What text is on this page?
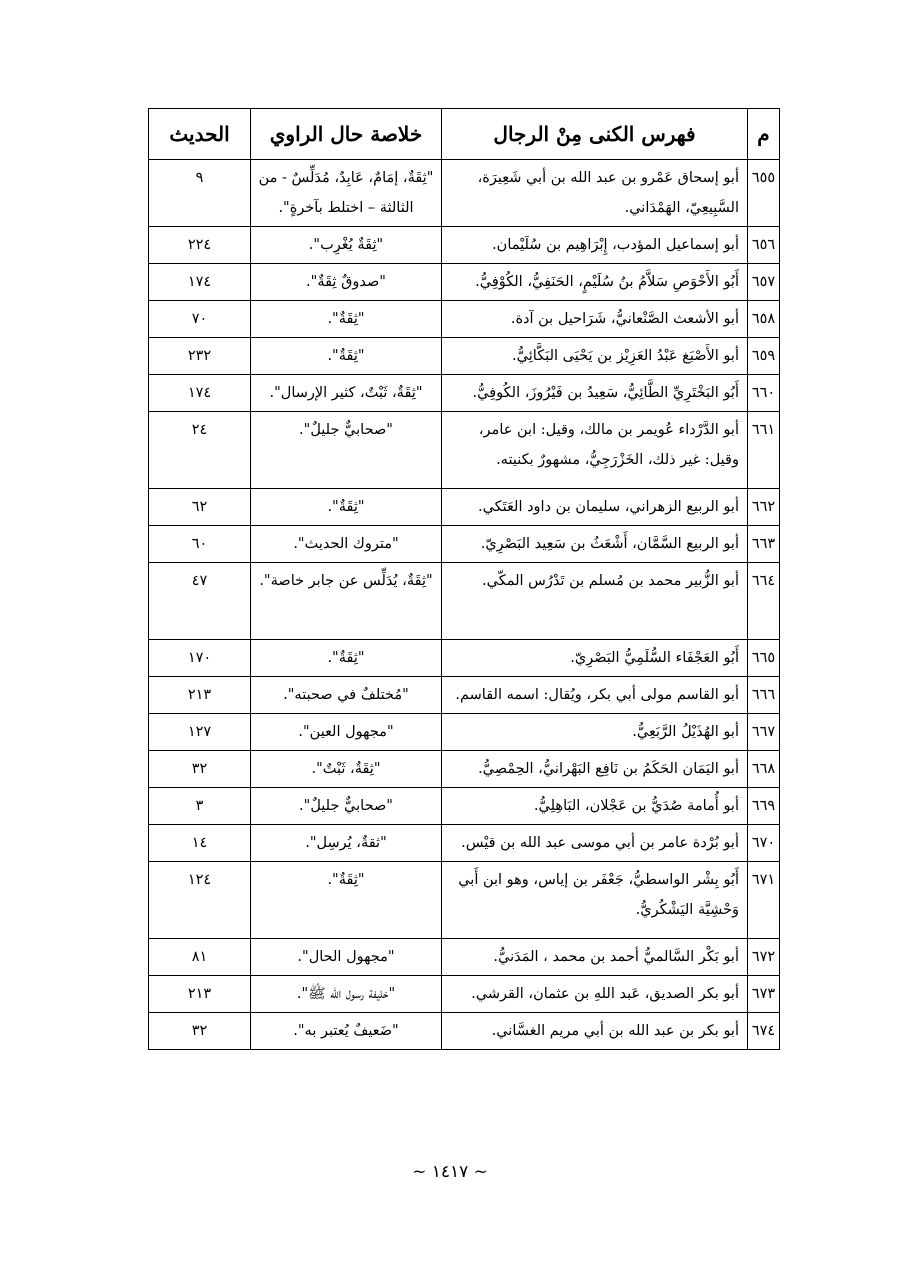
م	فهرس الكنى مِنْ الرجال	خلاصة حال الراوي	الحديث
٦٥٥	أبو إسحاق عَمْرو بن عبد الله بن أبي شَعِيرَة، السَّبِيعِيّ، الهَمْدَاني.	"ثِقَةٌ، إمَامٌ، عَابِدٌ، مُدَلِّسٌ - من الثالثة – اختلط بآخرةٍ".	٩
٦٥٦	أبو إسماعيل المؤدب، إِبْرَاهِيم بن سُلَيْمان.	"ثِقَةٌ يُغْرِب".	٢٢٤
٦٥٧	أَبُو الأَحْوَصِ سَلاَّمُ بنُ سُلَيْمٍ، الحَنَفِيُّ، الكُوْفِيُّ.	"صدوقٌ ثِقَةٌ".	١٧٤
٦٥٨	أبو الأشعث الصَّنْعانيُّ، شَرَاحيل بن آدة.	"ثِقَةٌ".	٧٠
٦٥٩	أبو الأَصْبَغ عَبْدُ العَزِيْز بن يَحْيَى البَكَّائِيُّ.	"ثِقَةٌ".	٢٣٢
٦٦٠	أَبُو البَخْتَرِيِّ الطَّائِيُّ، سَعِيدُ بن فَيْرُوزَ، الكُوفِيُّ.	"ثِقَةٌ، ثَبْتٌ، كثير الإرسال".	١٧٤
٦٦١	أبو الدَّرْداء عُويمر بن مالك، وقيل: ابن عامر، وقيل: غير ذلك، الخَزْرَجِيُّ، مشهورٌ بكنيته.	"صحابيٌّ جليلٌ".	٢٤
٦٦٢	أبو الربيع الزهراني، سليمان بن داود العَتَكي.	"ثِقَةٌ".	٦٢
٦٦٣	أبو الربيع السَّمَّان، أَشْعَثُ بن سَعِيد البَصْرِيّ.	"متروك الحديث".	٦٠
٦٦٤	أبو الزُّبير محمد بن مُسلم بن تَدْرُس المكّي.	"ثِقَةٌ، يُدَلِّس عن جابر خاصة".	٤٧
٦٦٥	أَبُو العَجْفَاء السُّلَمِيُّ البَصْرِيّ.	"ثِقَةٌ".	١٧٠
٦٦٦	أبو القاسم مولى أبي بكر، ويُقال: اسمه القاسم.	"مُختلفٌ في صحبته".	٢١٣
٦٦٧	أبو الهُذَيْلُ الرَّبَعِيُّ.	"مجهول العين".	١٢٧
٦٦٨	أبو اليَمَان الحَكَمُ بن نَافِع البَهْرانيُّ، الحِمْصِيُّ.	"ثِقَةٌ، ثَبْتٌ".	٣٢
٦٦٩	أبو أُمامة صُدَيُّ بن عَجْلان، البَاهِلِيُّ.	"صحابيٌّ جليلٌ".	٣
٦٧٠	أبو بُرْدة عامر بن أبي موسى عبد الله بن قيْس.	"ثقةٌ، يُرسِل".	١٤
٦٧١	أَبُو بِشْر الواسطيُّ، جَعْفَر بن إياس، وهو ابن أَبي وَحْشِيَّة اليَشْكُريُّ.	"ثِقَةٌ".	١٢٤
٦٧٢	أبو بَكْر السَّالميُّ أحمد بن محمد ، المَدَنيُّ.	"مجهول الحال".	٨١
٦٧٣	أبو بكر الصديق، عَبد اللهِ بن عثمان، القرشي.	"خليفة رسول الله ﷺ".	٢١٣
٦٧٤	أبو بكر بن عبد الله بن أبي مريم الغسَّاني.	"ضَعيفٌ يُعتبر به".	٣٢
~ ١٤١٧ ~
